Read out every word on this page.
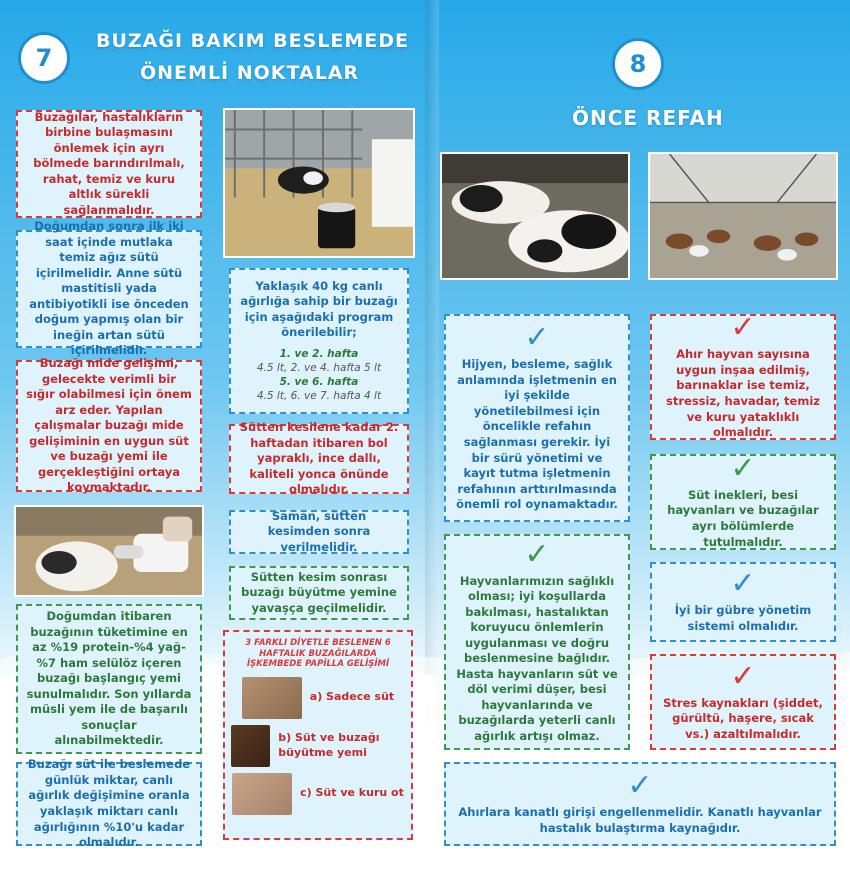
7
BUZAĞI BAKIM BESLEMEDE
ÖNEMLİ NOKTALAR
Buzağılar, hastalıkların birbine bulaşmasını önlemek için ayrı bölmede barındırılmalı, rahat, temiz ve kuru altlık sürekli sağlanmalıdır.
Doğumdan sonra ilk iki saat içinde mutlaka temiz ağız sütü içirilmelidir. Anne sütü mastitisli yada antibiyotikli ise önceden doğum yapmış olan bir ineğin artan sütü içirilmelidir.
Buzağı mide gelişimi, gelecekte verimli bir sığır olabilmesi için önem arz eder. Yapılan çalışmalar buzağı mide gelişiminin en uygun süt ve buzağı yemi ile gerçekleştiğini ortaya koymaktadır.
Doğumdan itibaren buzağının tüketimine en az %19 protein-%4 yağ-%7 ham selülöz içeren buzağı başlangıç yemi sunulmalıdır. Son yıllarda müsli yem ile de başarılı sonuçlar alınabilmektedir.
Buzağı süt ile beslemede günlük miktar, canlı ağırlık değişimine oranla yaklaşık miktarı canlı ağırlığının %10'u kadar olmalıdır.
Yaklaşık 40 kg canlı ağırlığa sahip bir buzağı için aşağıdaki program önerilebilir;
1. ve 2. hafta
4.5 lt, 2. ve 4. hafta 5 lt
5. ve 6. hafta
4.5 lt, 6. ve 7. hafta 4 lt
Sütten kesilene kadar 2. haftadan itibaren bol yapraklı, ince dallı, kaliteli yonca önünde olmalıdır.
Saman, sütten kesimden sonra verilmelidir.
Sütten kesim sonrası buzağı büyütme yemine yavaşça geçilmelidir.
3 FARKLI DİYETLE BESLENEN 6 HAFTALIK BUZAĞILARDA İŞKEMBEDE PAPİLLA GELİŞİMİ
a) Sadece süt
b) Süt ve buzağı büyütme yemi
c) Süt ve kuru ot
8
ÖNCE REFAH
✓
Hijyen, besleme, sağlık anlamında işletmenin en iyi şekilde yönetilebilmesi için öncelikle refahın sağlanması gerekir. İyi bir sürü yönetimi ve kayıt tutma işletmenin refahının arttırılmasında önemli rol oynamaktadır.
✓
Hayvanlarımızın sağlıklı olması; iyi koşullarda bakılması, hastalıktan koruyucu önlemlerin uygulanması ve doğru beslenmesine bağlıdır. Hasta hayvanların süt ve döl verimi düşer, besi hayvanlarında ve buzağılarda yeterli canlı ağırlık artışı olmaz.
✓
Ahır hayvan sayısına uygun inşaa edilmiş, barınaklar ise temiz, stressiz, havadar, temiz ve kuru yataklıklı olmalıdır.
✓
Süt inekleri, besi hayvanları ve buzağılar ayrı bölümlerde tutulmalıdır.
✓
İyi bir gübre yönetim sistemi olmalıdır.
✓
Stres kaynakları (şiddet, gürültü, haşere, sıcak vs.) azaltılmalıdır.
✓
Ahırlara kanatlı girişi engellenmelidir. Kanatlı hayvanlar hastalık bulaştırma kaynağıdır.
